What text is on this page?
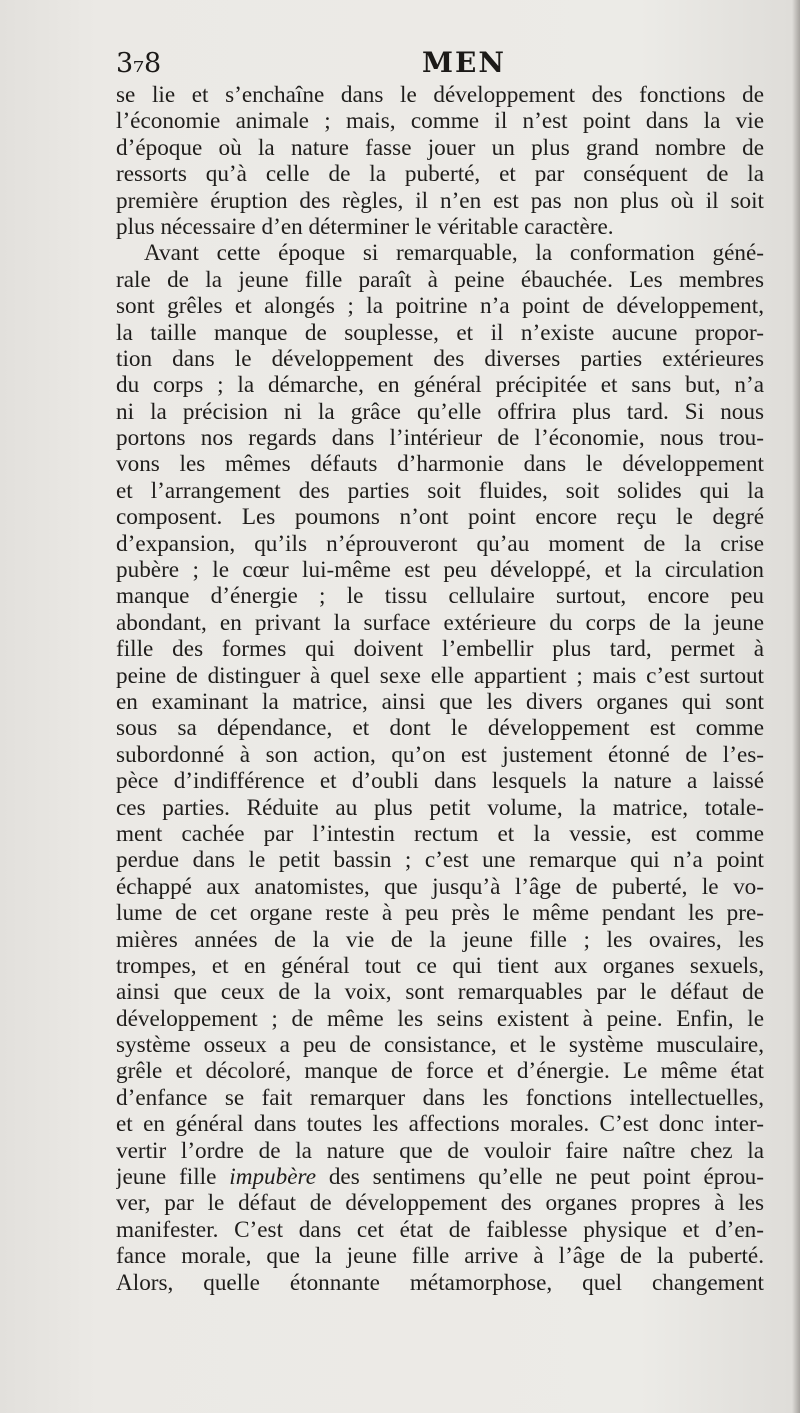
3₇8	MEN
se lie et s’enchaîne dans le développement des fonctions de
l’économie animale ; mais, comme il n’est point dans la vie
d’époque où la nature fasse jouer un plus grand nombre de
ressorts qu’à celle de la puberté, et par conséquent de la
première éruption des règles, il n’en est pas non plus où il soit
plus nécessaire d’en déterminer le véritable caractère.
Avant cette époque si remarquable, la conformation géné-
rale de la jeune fille paraît à peine ébauchée. Les membres
sont grêles et alongés ; la poitrine n’a point de développement,
la taille manque de souplesse, et il n’existe aucune propor-
tion dans le développement des diverses parties extérieures
du corps ; la démarche, en général précipitée et sans but, n’a
ni la précision ni la grâce qu’elle offrira plus tard. Si nous
portons nos regards dans l’intérieur de l’économie, nous trou-
vons les mêmes défauts d’harmonie dans le développement
et l’arrangement des parties soit fluides, soit solides qui la
composent. Les poumons n’ont point encore reçu le degré
d’expansion, qu’ils n’éprouveront qu’au moment de la crise
pubère ; le cœur lui-même est peu développé, et la circulation
manque d’énergie ; le tissu cellulaire surtout, encore peu
abondant, en privant la surface extérieure du corps de la jeune
fille des formes qui doivent l’embellir plus tard, permet à
peine de distinguer à quel sexe elle appartient ; mais c’est surtout
en examinant la matrice, ainsi que les divers organes qui sont
sous sa dépendance, et dont le développement est comme
subordonné à son action, qu’on est justement étonné de l’es-
pèce d’indifférence et d’oubli dans lesquels la nature a laissé
ces parties. Réduite au plus petit volume, la matrice, totale-
ment cachée par l’intestin rectum et la vessie, est comme
perdue dans le petit bassin ; c’est une remarque qui n’a point
échappé aux anatomistes, que jusqu’à l’âge de puberté, le vo-
lume de cet organe reste à peu près le même pendant les pre-
mières années de la vie de la jeune fille ; les ovaires, les
trompes, et en général tout ce qui tient aux organes sexuels,
ainsi que ceux de la voix, sont remarquables par le défaut de
développement ; de même les seins existent à peine. Enfin, le
système osseux a peu de consistance, et le système musculaire,
grêle et décoloré, manque de force et d’énergie. Le même état
d’enfance se fait remarquer dans les fonctions intellectuelles,
et en général dans toutes les affections morales. C’est donc inter-
vertir l’ordre de la nature que de vouloir faire naître chez la
jeune fille impubère des sentimens qu’elle ne peut point éprou-
ver, par le défaut de développement des organes propres à les
manifester. C’est dans cet état de faiblesse physique et d’en-
fance morale, que la jeune fille arrive à l’âge de la puberté.
Alors, quelle étonnante métamorphose, quel changement
